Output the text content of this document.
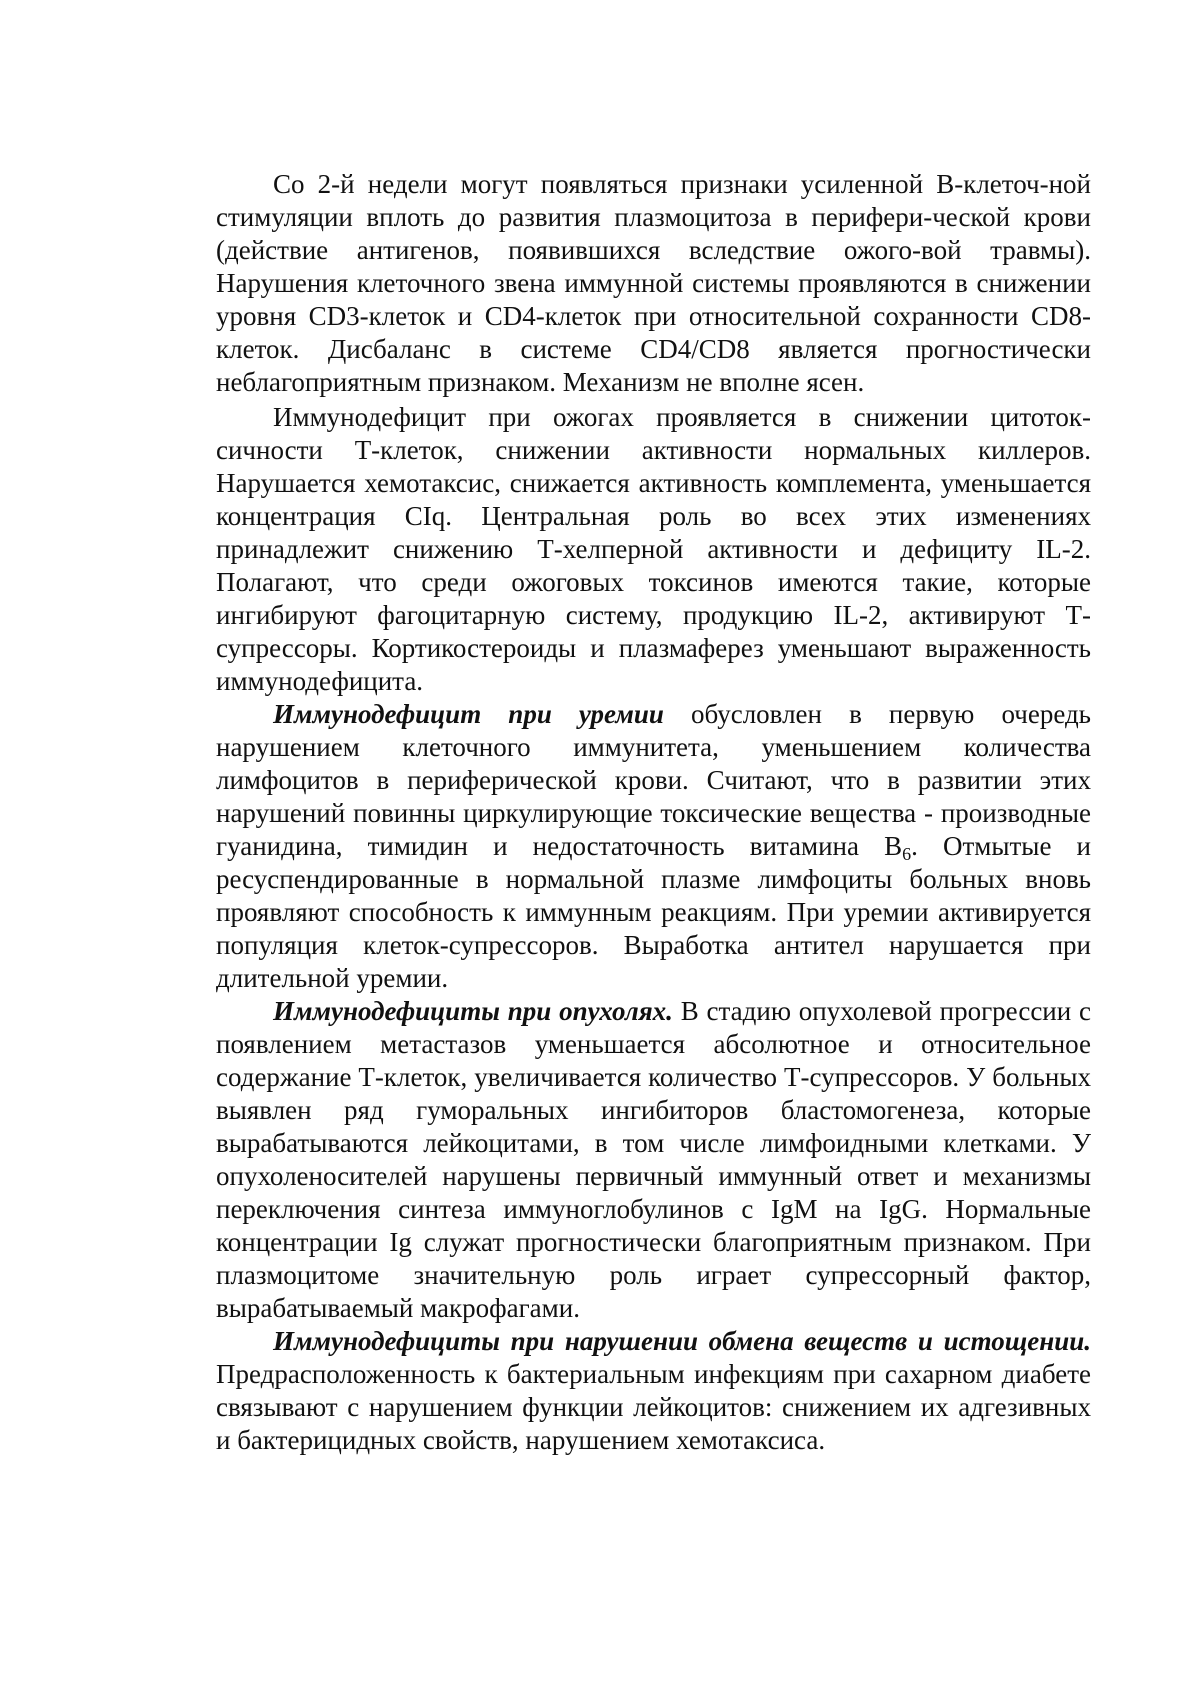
Со 2-й недели могут появляться признаки усиленной В-клеточ-ной стимуляции вплоть до развития плазмоцитоза в перифери-ческой крови (действие антигенов, появившихся вследствие ожого-вой травмы). Нарушения клеточного звена иммунной системы проявляются в снижении уровня CD3-клеток и CD4-клеток при относительной сохранности CD8-клеток. Дисбаланс в системе CD4/CD8 является прогностически неблагоприятным признаком. Механизм не вполне ясен.

Иммунодефицит при ожогах проявляется в снижении цитоток-сичности Т-клеток, снижении активности нормальных киллеров. Нарушается хемотаксис, снижается активность комплемента, уменьшается концентрация CIq. Центральная роль во всех этих изменениях принадлежит снижению Т-хелперной активности и дефициту IL-2. Полагают, что среди ожоговых токсинов имеются такие, которые ингибируют фагоцитарную систему, продукцию IL-2, активируют Т-супрессоры. Кортикостероиды и плазмаферез уменьшают выраженность иммунодефицита.

Иммунодефицит при уремии обусловлен в первую очередь нарушением клеточного иммунитета, уменьшением количества лимфоцитов в периферической крови. Считают, что в развитии этих нарушений повинны циркулирующие токсические вещества - производные гуанидина, тимидин и недостаточность витамина $B_6$. Отмытые и ресуспендированные в нормальной плазме лимфоциты больных вновь проявляют способность к иммунным реакциям. При уремии активируется популяция клеток-супрессоров. Выработка антител нарушается при длительной уремии.

Иммунодефициты при опухолях. В стадию опухолевой прогрессии с появлением метастазов уменьшается абсолютное и относительное содержание Т-клеток, увеличивается количество Т-супрессоров. У больных выявлен ряд гуморальных ингибиторов бластомогенеза, которые вырабатываются лейкоцитами, в том числе лимфоидными клетками. У опухоленосителей нарушены первичный иммунный ответ и механизмы переключения синтеза иммуноглобулинов с IgM на IgG. Нормальные концентрации Ig служат прогностически благоприятным признаком. При плазмоцитоме значительную роль играет супрессорный фактор, вырабатываемый макрофагами.

Иммунодефициты при нарушении обмена веществ и истощении. Предрасположенность к бактериальным инфекциям при сахарном диабете связывают с нарушением функции лейкоцитов: снижением их адгезивных и бактерицидных свойств, нарушением хемотаксиса.
